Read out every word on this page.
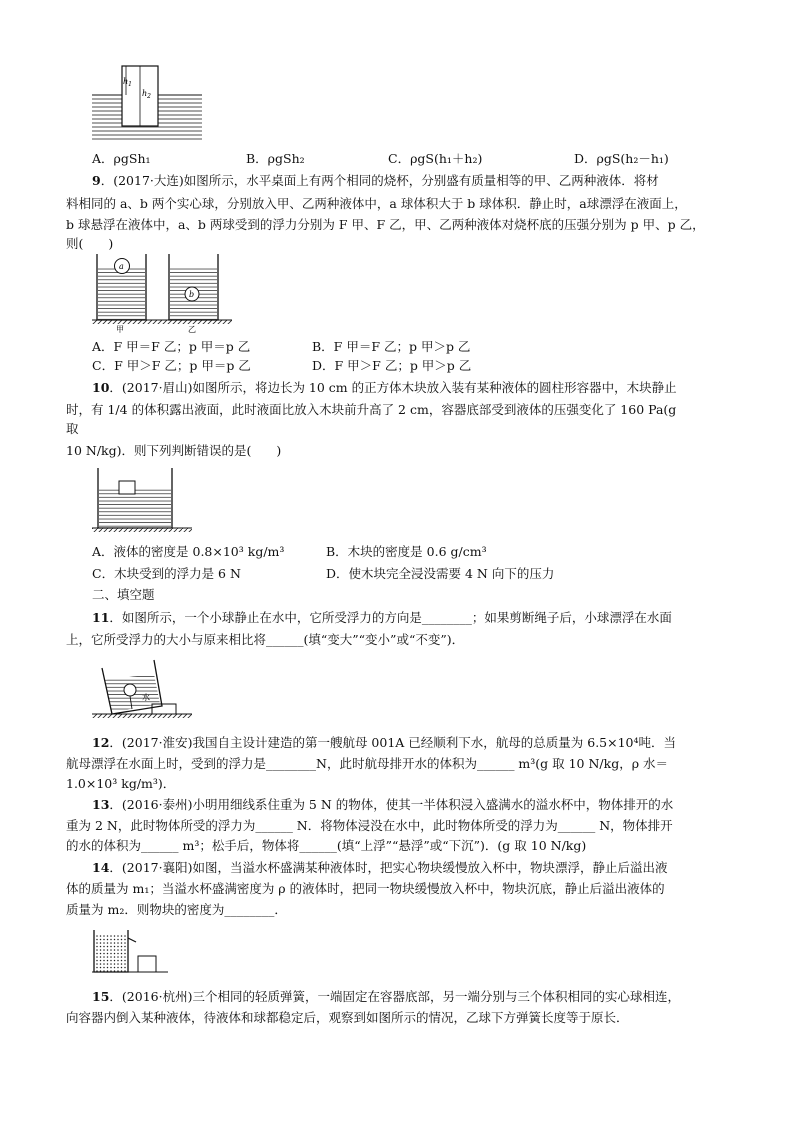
$h_1$
$h_2$
A．ρgSh₁	B．ρgSh₂	C．ρgS(h₁＋h₂)	D．ρgS(h₂－h₁)
9．(2017·大连)如图所示，水平桌面上有两个相同的烧杯，分别盛有质量相等的甲、乙两种液体．将材
料相同的 a、b 两个实心球，分别放入甲、乙两种液体中，a 球体积大于 b 球体积．静止时，a球漂浮在液面上，
b 球悬浮在液体中，a、b 两球受到的浮力分别为 F 甲、F 乙，甲、乙两种液体对烧杯底的压强分别为 p 甲、p 乙，
则(　　)
a
b
甲	乙
A．F 甲＝F 乙；p 甲＝p 乙	B．F 甲＝F 乙；p 甲＞p 乙
C．F 甲＞F 乙；p 甲＝p 乙	D．F 甲＞F 乙；p 甲＞p 乙
10．(2017·眉山)如图所示，将边长为 10 cm 的正方体木块放入装有某种液体的圆柱形容器中，木块静止
时，有 1/4 的体积露出液面，此时液面比放入木块前升高了 2 cm，容器底部受到液体的压强变化了 160 Pa(g
取
10 N/kg)．则下列判断错误的是(　　)
A．液体的密度是 0.8×10³ kg/m³	B．木块的密度是 0.6 g/cm³
C．木块受到的浮力是 6 N	D．使木块完全浸没需要 4 N 向下的压力
二、填空题
11．如图所示，一个小球静止在水中，它所受浮力的方向是________；如果剪断绳子后，小球漂浮在水面
上，它所受浮力的大小与原来相比将______(填“变大”“变小”或“不变”)．
水
12．(2017·淮安)我国自主设计建造的第一艘航母 001A 已经顺利下水，航母的总质量为 6.5×10⁴吨．当
航母漂浮在水面上时，受到的浮力是________N，此时航母排开水的体积为______ m³(g 取 10 N/kg，ρ 水＝
1.0×10³ kg/m³)．
13．(2016·泰州)小明用细线系住重为 5 N 的物体，使其一半体积浸入盛满水的溢水杯中，物体排开的水
重为 2 N，此时物体所受的浮力为______ N．将物体浸没在水中，此时物体所受的浮力为______ N，物体排开
的水的体积为______ m³；松手后，物体将______(填“上浮”“悬浮”或“下沉”)．(g 取 10 N/kg)
14．(2017·襄阳)如图，当溢水杯盛满某种液体时，把实心物块缓慢放入杯中，物块漂浮，静止后溢出液
体的质量为 m₁；当溢水杯盛满密度为 ρ 的液体时，把同一物块缓慢放入杯中，物块沉底，静止后溢出液体的
质量为 m₂．则物块的密度为________．
15．(2016·杭州)三个相同的轻质弹簧，一端固定在容器底部，另一端分别与三个体积相同的实心球相连，
向容器内倒入某种液体，待液体和球都稳定后，观察到如图所示的情况，乙球下方弹簧长度等于原长．
